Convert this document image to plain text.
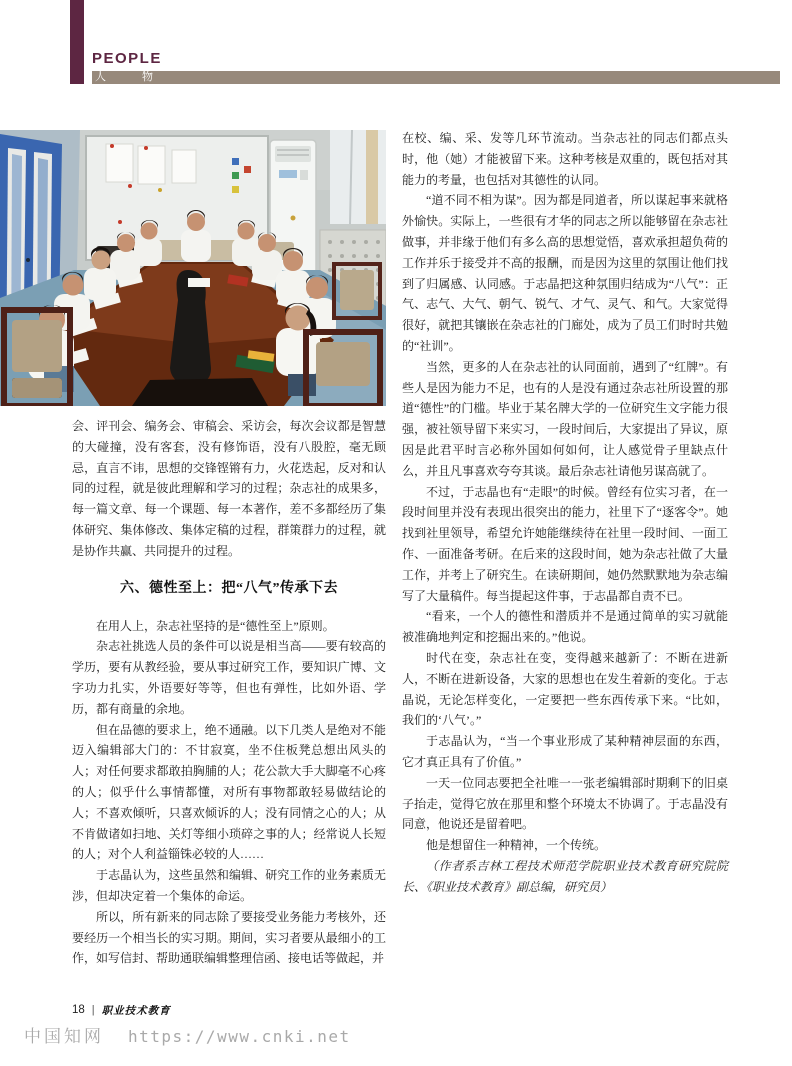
PEOPLE
人物

会、评刊会、编务会、审稿会、采访会，每次会议都是智慧的大碰撞，没有客套，没有修饰语，没有八股腔，毫无顾忌，直言不讳，思想的交锋铿锵有力，火花迭起，反对和认同的过程，就是彼此理解和学习的过程；杂志社的成果多，每一篇文章、每一个课题、每一本著作，差不多都经历了集体研究、集体修改、集体定稿的过程，群策群力的过程，就是协作共赢、共同提升的过程。

六、德性至上：把“八气”传承下去

在用人上，杂志社坚持的是“德性至上”原则。

杂志社挑选人员的条件可以说是相当高——要有较高的学历，要有从教经验，要从事过研究工作，要知识广博、文字功力扎实，外语要好等等，但也有弹性，比如外语、学历，都有商量的余地。

但在品德的要求上，绝不通融。以下几类人是绝对不能迈入编辑部大门的：不甘寂寞，坐不住板凳总想出风头的人；对任何要求都敢拍胸脯的人；花公款大手大脚毫不心疼的人；似乎什么事情都懂，对所有事物都敢轻易做结论的人；不喜欢倾听，只喜欢倾诉的人；没有同情之心的人；从不肯做诸如扫地、关灯等细小琐碎之事的人；经常说人长短的人；对个人利益锱铢必较的人……

于志晶认为，这些虽然和编辑、研究工作的业务素质无涉，但却决定着一个集体的命运。

所以，所有新来的同志除了要接受业务能力考核外，还要经历一个相当长的实习期。期间，实习者要从最细小的工作，如写信封、帮助通联编辑整理信函、接电话等做起，并

在校、编、采、发等几环节流动。当杂志社的同志们都点头时，他（她）才能被留下来。这种考核是双重的，既包括对其能力的考量，也包括对其德性的认同。

“道不同不相为谋”。因为都是同道者，所以谋起事来就格外愉快。实际上，一些很有才华的同志之所以能够留在杂志社做事，并非缘于他们有多么高的思想觉悟，喜欢承担超负荷的工作并乐于接受并不高的报酬，而是因为这里的氛围让他们找到了归属感、认同感。于志晶把这种氛围归结成为“八气”：正气、志气、大气、朝气、锐气、才气、灵气、和气。大家觉得很好，就把其镶嵌在杂志社的门廊处，成为了员工们时时共勉的“社训”。

当然，更多的人在杂志社的认同面前，遇到了“红牌”。有些人是因为能力不足，也有的人是没有通过杂志社所设置的那道“德性”的门槛。毕业于某名牌大学的一位研究生文字能力很强，被社领导留下来实习，一段时间后，大家提出了异议，原因是此君平时言必称外国如何如何，让人感觉骨子里缺点什么，并且凡事喜欢夸夸其谈。最后杂志社请他另谋高就了。

不过，于志晶也有“走眼”的时候。曾经有位实习者，在一段时间里并没有表现出很突出的能力，社里下了“逐客令”。她找到社里领导，希望允许她能继续待在社里一段时间、一面工作、一面准备考研。在后来的这段时间，她为杂志社做了大量工作，并考上了研究生。在读研期间，她仍然默默地为杂志编写了大量稿件。每当提起这件事，于志晶都自责不已。

“看来，一个人的德性和潜质并不是通过简单的实习就能被准确地判定和挖掘出来的。”他说。

时代在变，杂志社在变，变得越来越新了：不断在进新人，不断在进新设备，大家的思想也在发生着新的变化。于志晶说，无论怎样变化，一定要把一些东西传承下来。“比如，我们的‘八气’。”

于志晶认为，“当一个事业形成了某种精神层面的东西，它才真正具有了价值。”

一天一位同志要把全社唯一一张老编辑部时期剩下的旧桌子抬走，觉得它放在那里和整个环境太不协调了。于志晶没有同意，他说还是留着吧。

他是想留住一种精神，一个传统。

（作者系吉林工程技术师范学院职业技术教育研究院院长、《职业技术教育》副总编，研究员）

18 | 职业技术教育
中国知网 https://www.cnki.net
